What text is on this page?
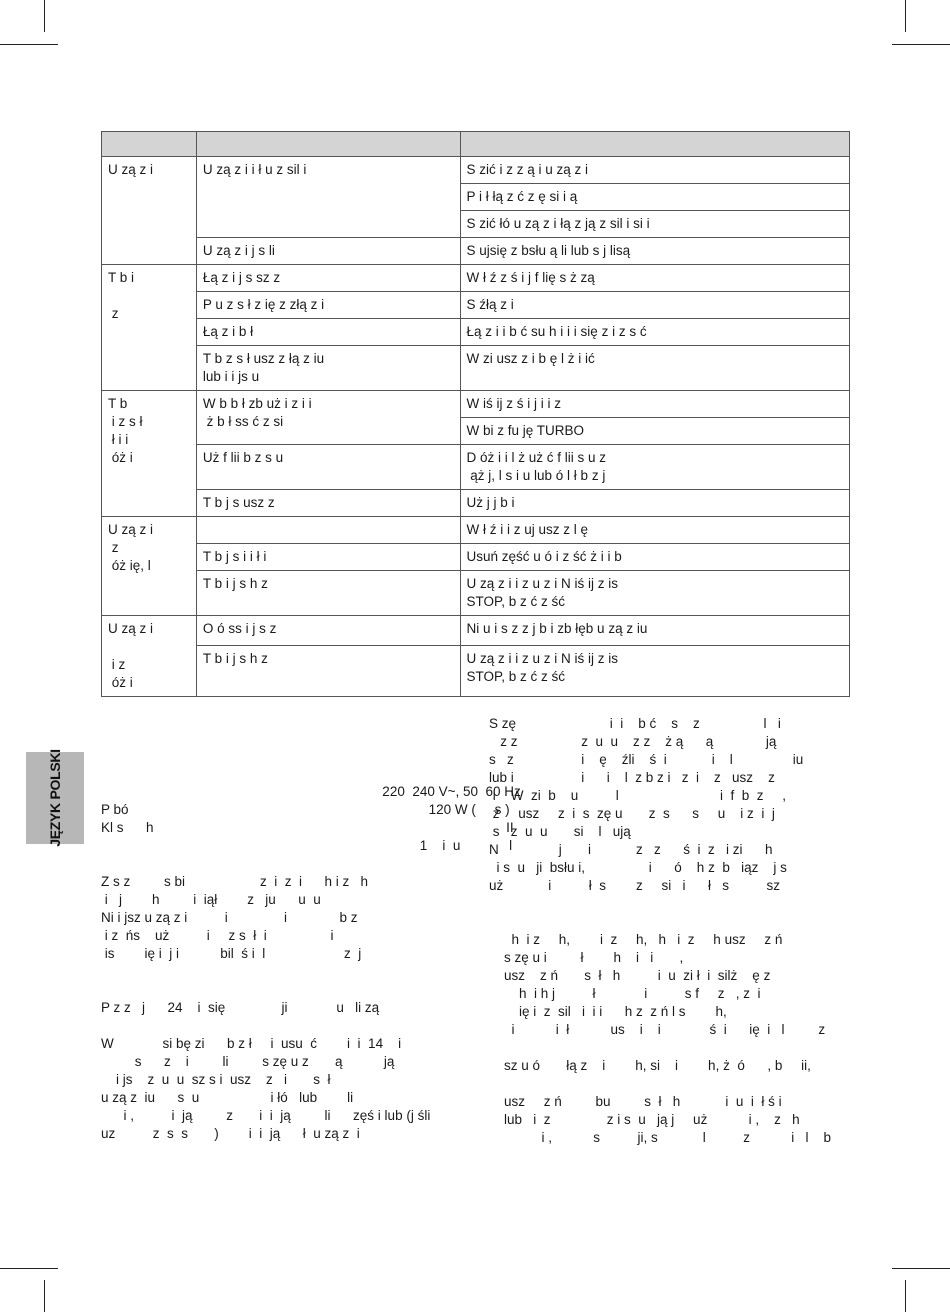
U zą z i	U zą z i i ł u z sil i	S zić i z z ą i u zą z i
		P i ł łą z ć z ę si i ą
		S zić łó u zą z i łą z ją z sil i si i
	U zą z i j s li	S ujsię z bsłu ą li lub s j lisą
T b i

z	Łą z i j s sz z	W ł ź z ś i j f lię s ż zą
	P u z s ł z ię z złą z i	S źłą z i
	Łą z i b ł	Łą z i i b ć su h i i i się z i z s ć
	T b z s ł usz z łą z iu
lub i i js u	W zi usz z i b ę l ż i ić
T b
i z s ł
ł i i
óż i	W b b ł zb uż i z i i
ż b ł ss ć z si	W iś ij z ś i j i i z
		W bi z fu ję TURBO
	Uż f lii b z s u	D óż i i l ż uż ć f lii s u z
ąż j, l s i u lub ó l ł b z j
	T b j s usz z	Uż j j b i
U zą z i
z
óż ię, l		W ł ź i i z uj usz z l ę
	T b j s i i ł i	Usuń zęść u ó i z ść ż i i b
	T b i j s h z	U zą z i i z u z i N iś ij z is
STOP, b z ć z ść
U zą z i

i z
óż i	O ó ss i j s z	Ni u i s z z j b i zb łęb u zą z iu
	T b i j s h z	U zą z i i z u z i N iś ij z is
STOP, b z ć z ść
JĘZYK POLSKI	220  240 V~, 50  60 Hz

P bó                                                                                120 W (     s )

Kl s      h                                                                                              II

1    i  u             l

Z s z         s bi                    z  i  z  i      h i z   h

i   j        h         i  iął        z   ju      u  u

Ni i jsz u zą z i          i               i              b z

i z  ńs    uż          i     z s  ł  i                 i

is        ię i  j i           bil  ś i  l                     z  j

P z z   j      24    i  się               ji             u   li zą

W             si bę zi      b z ł     i  usu  ć        i  i  14    i

s      z    i         li         s zę u z       ą           ją

i js    z  u  u  sz s i  usz    z   i       s  ł

u zą z  iu      s  u                   i łó   lub        li

i ,          i  ją         z       i  i  ją         li      zęś i lub (j śli

uz          z  s  s       )        i  i  ją      ł  u zą z  i

S zę                         i  i    b ć    s    z                 l   i

z z                 z  u  u    z z    ż ą      ą              ją

s   z                  i    ę    źli    ś  i            i    l                iu

lub i                  i      i    l  z b z i   z  i    z   usz    z

i    W  zi  b    u          l                           i  f  b  z     ,

z     usz     z  i  s  zę u       z  s      s     u    i z  i  j

s   z  u  u       si    l   ują

N                j       i            z   z      ś  i  z   i zi      h

i s  u   ji  bsłu i,                 i      ó    h z  b   iąz    j s

uż            i          ł  s        z     si   i      ł   s          sz

h  i z     h,        i  z     h,   h   i  z     h usz     z ń

s zę u i         ł        h    i   i       ,

usz    z ń       s  ł   h          i  u  zi ł  i  silż    ę z

h  i h j          ł             i          s f     z   , z  i

ię i  z  sil   i  i i      h z  z ń l s        h,

i           i  ł           us    i    i             ś  i      ię  i   l         z

sz u ó       łą z    i        h, si    i        h, ż  ó      , b     ii,

usz     z ń         bu         s  ł   h            i  u  i  ł ś i

lub   i  z               z i s  u   ją j     uż           i ,    z   h

i ,           s          ji, s            l          z           i   l    b
